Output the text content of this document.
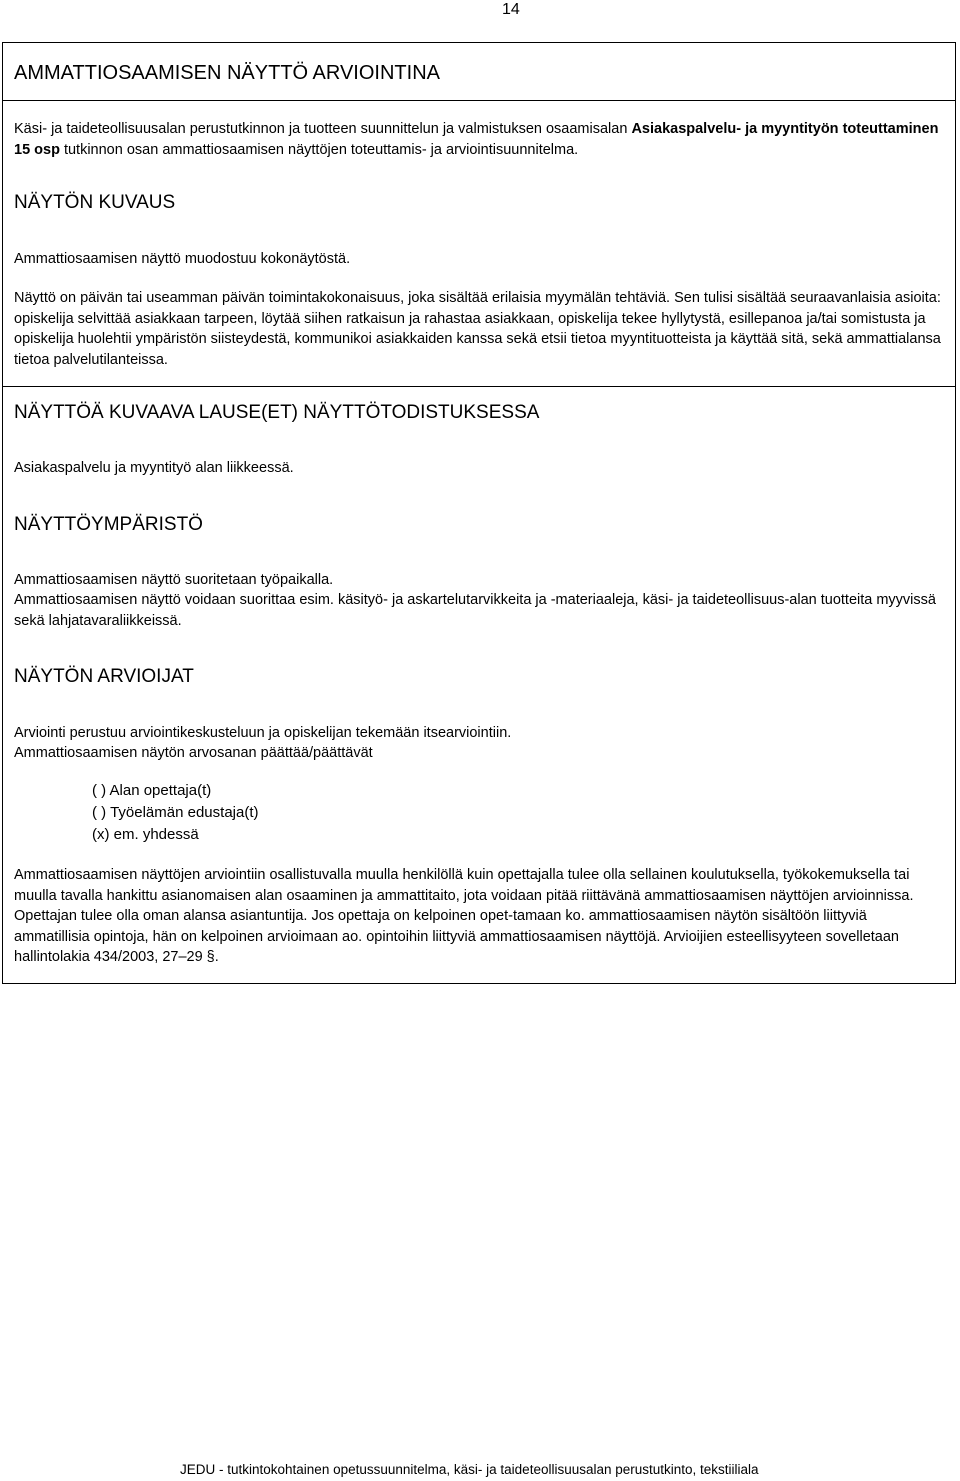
14
AMMATTIOSAAMISEN NÄYTTÖ ARVIOINTINA

Käsi- ja taideteollisuusalan perustutkinnon ja tuotteen suunnittelun ja valmistuksen osaamisalan Asiakaspalvelu- ja myyntityön toteuttaminen 15 osp tutkinnon osan ammattiosaamisen näyttöjen toteuttamis- ja arviointisuunnitelma.

NÄYTÖN KUVAUS

Ammattiosaamisen näyttö muodostuu kokonäytöstä.

Näyttö on päivän tai useamman päivän toimintakokonaisuus, joka sisältää erilaisia myymälän tehtäviä. Sen tulisi sisältää seuraavanlaisia asioita: opiskelija selvittää asiakkaan tarpeen, löytää siihen ratkaisun ja rahastaa asiakkaan, opiskelija tekee hyllytystä, esillepanoa ja/tai somistusta ja opiskelija huolehtii ympäristön siisteydestä, kommunikoi asiakkaiden kanssa sekä etsii tietoa myyntituotteista ja käyttää sitä, sekä ammattialansa tietoa palvelutilanteissa.

NÄYTTÖÄ KUVAAVA LAUSE(ET) NÄYTTÖTODISTUKSESSA

Asiakaspalvelu ja myyntityö alan liikkeessä.

NÄYTTÖYMPÄRISTÖ

Ammattiosaamisen näyttö suoritetaan työpaikalla.

Ammattiosaamisen näyttö voidaan suorittaa esim. käsityö- ja askartelutarvikkeita ja -materiaaleja, käsi- ja taideteollisuus-alan tuotteita myyvissä sekä lahjatavaraliikkeissä.

NÄYTÖN ARVIOIJAT

Arviointi perustuu arviointikeskusteluun ja opiskelijan tekemään itsearviointiin.

Ammattiosaamisen näytön arvosanan päättää/päättävät

( ) Alan opettaja(t)
( ) Työelämän edustaja(t)
(x) em. yhdessä

Ammattiosaamisen näyttöjen arviointiin osallistuvalla muulla henkilöllä kuin opettajalla tulee olla sellainen koulutuksella, työkokemuksella tai muulla tavalla hankittu asianomaisen alan osaaminen ja ammattitaito, jota voidaan pitää riittävänä ammattiosaamisen näyttöjen arvioinnissa. Opettajan tulee olla oman alansa asiantuntija. Jos opettaja on kelpoinen opet-tamaan ko. ammattiosaamisen näytön sisältöön liittyviä ammatillisia opintoja, hän on kelpoinen arvioimaan ao. opintoihin liittyviä ammattiosaamisen näyttöjä. Arvioijien esteellisyyteen sovelletaan hallintolakia 434/2003, 27–29 §.

JEDU - tutkintokohtainen opetussuunnitelma, käsi- ja taideteollisuusalan perustutkinto, tekstiilialа
